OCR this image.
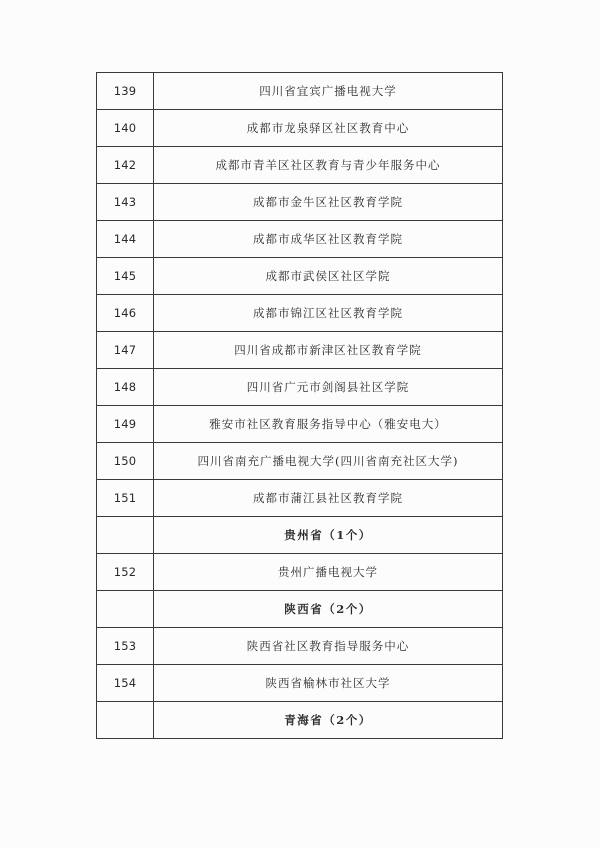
139	四川省宜宾广播电视大学
140	成都市龙泉驿区社区教育中心
142	成都市青羊区社区教育与青少年服务中心
143	成都市金牛区社区教育学院
144	成都市成华区社区教育学院
145	成都市武侯区社区学院
146	成都市锦江区社区教育学院
147	四川省成都市新津区社区教育学院
148	四川省广元市剑阁县社区学院
149	雅安市社区教育服务指导中心（雅安电大）
150	四川省南充广播电视大学(四川省南充社区大学)
151	成都市蒲江县社区教育学院
	贵州省（1个）
152	贵州广播电视大学
	陕西省（2个）
153	陕西省社区教育指导服务中心
154	陕西省榆林市社区大学
	青海省（2个）
